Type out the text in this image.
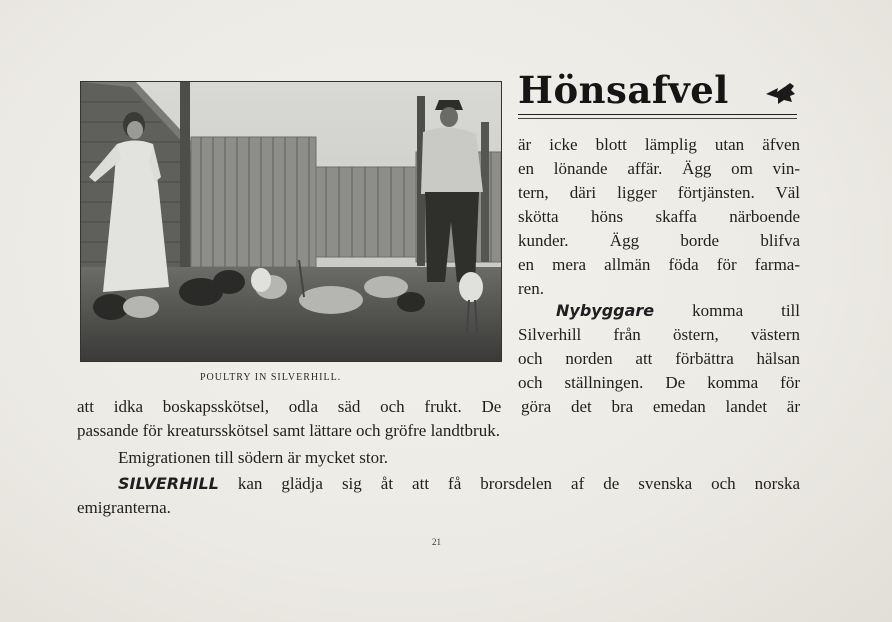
POULTRY IN SILVERHILL.
Hönsafvel
är icke blott lämplig utan äfven
en lönande affär. Ägg om vin-
tern, däri ligger förtjänsten. Väl
skötta höns skaffa närboende
kunder. Ägg borde blifva
en mera allmän föda för farma-
ren.
Nybyggare komma till
Silverhill från östern, västern
och norden att förbättra hälsan
och ställningen. De komma för
att idka boskapsskötsel, odla säd och frukt. De göra det bra emedan landet är
passande för kreatursskötsel samt lättare och gröfre landtbruk.
Emigrationen till södern är mycket stor.
SILVERHILL kan glädja sig åt att få brorsdelen af de svenska och norska
emigranterna.
21
